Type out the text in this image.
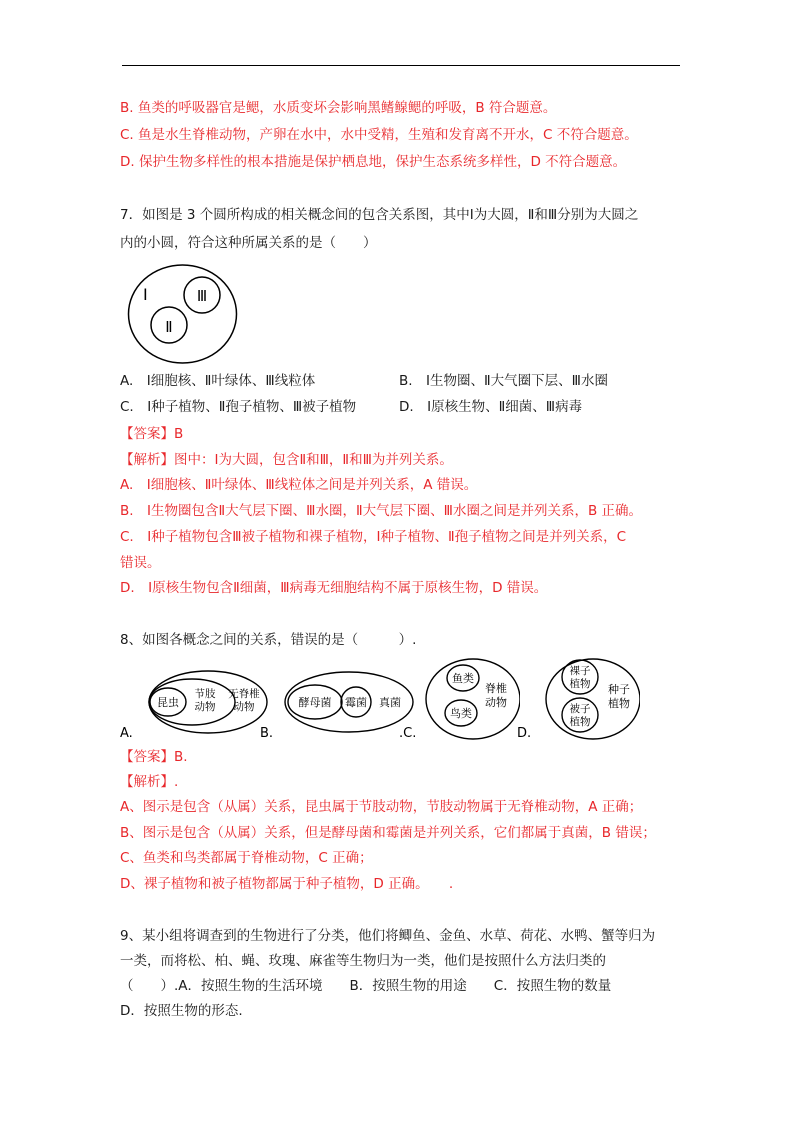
B. 鱼类的呼吸器官是鳃，水质变坏会影响黑鳍鳈鳃的呼吸，B 符合题意。
C. 鱼是水生脊椎动物，产卵在水中，水中受精，生殖和发育离不开水，C 不符合题意。
D. 保护生物多样性的根本措施是保护栖息地，保护生态系统多样性，D 不符合题意。
7．如图是 3 个圆所构成的相关概念间的包含关系图，其中Ⅰ为大圆，Ⅱ和Ⅲ分别为大圆之
内的小圆，符合这种所属关系的是（　　）
Ⅰ	Ⅲ
Ⅱ
A.　Ⅰ细胞核、Ⅱ叶绿体、Ⅲ线粒体	B.　Ⅰ生物圈、Ⅱ大气圈下层、Ⅲ水圈
C.　Ⅰ种子植物、Ⅱ孢子植物、Ⅲ被子植物	D.　Ⅰ原核生物、Ⅱ细菌、Ⅲ病毒
【答案】B
【解析】图中：Ⅰ为大圆，包含Ⅱ和Ⅲ，Ⅱ和Ⅲ为并列关系。
A.　Ⅰ细胞核、Ⅱ叶绿体、Ⅲ线粒体之间是并列关系，A 错误。
B.　Ⅰ生物圈包含Ⅱ大气层下圈、Ⅲ水圈，Ⅱ大气层下圈、Ⅲ水圈之间是并列关系，B 正确。
C.　Ⅰ种子植物包含Ⅲ被子植物和裸子植物，Ⅰ种子植物、Ⅱ孢子植物之间是并列关系，C
错误。
D.　Ⅰ原核生物包含Ⅱ细菌，Ⅲ病毒无细胞结构不属于原核生物，D 错误。
8、如图各概念之间的关系，错误的是（　　　）.
A.
昆虫
节肢
动物
无脊椎
动物
B.
酵母菌 霉菌 真菌
.C.
鱼类
鸟类
脊椎
动物
D.
裸子
植物
被子
植物
种子
植物
【答案】B.
【解析】.
A、图示是包含（从属）关系，昆虫属于节肢动物，节肢动物属于无脊椎动物，A 正确；
B、图示是包含（从属）关系，但是酵母菌和霉菌是并列关系，它们都属于真菌，B 错误；
C、鱼类和鸟类都属于脊椎动物，C 正确；
D、裸子植物和被子植物都属于种子植物，D 正确。　　.
9、某小组将调查到的生物进行了分类，他们将鲫鱼、金鱼、水草、荷花、水鸭、蟹等归为
一类，而将松、柏、蝇、玫瑰、麻雀等生物归为一类，他们是按照什么方法归类的
（　　）.A．按照生物的生活环境　　B．按照生物的用途　　C．按照生物的数量
D．按照生物的形态.
